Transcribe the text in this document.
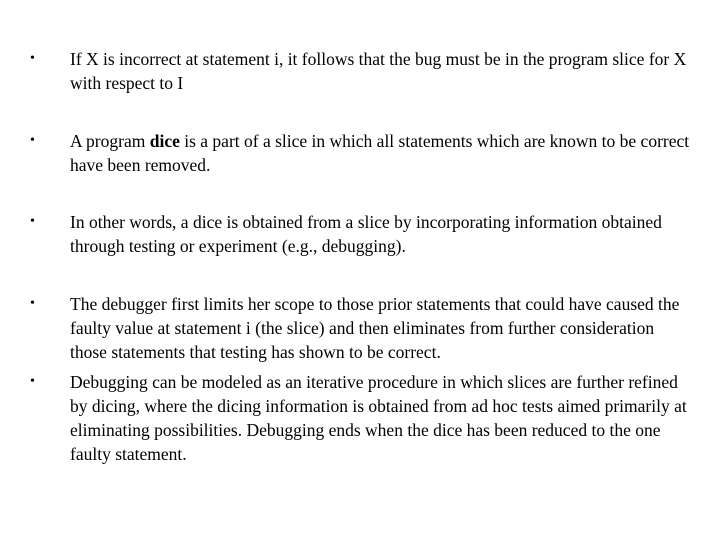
•	If X is incorrect at statement i, it follows that the bug must be in the program slice for X with respect to I
•	A program dice is a part of a slice in which all statements which are known to be correct have been removed.
•	In other words, a dice is obtained from a slice by incorporating information obtained through testing or experiment (e.g., debugging).
•	The debugger first limits her scope to those prior statements that could have caused the faulty value at statement i (the slice) and then eliminates from further consideration those statements that testing has shown to be correct.
•	Debugging can be modeled as an iterative procedure in which slices are further refined by dicing, where the dicing information is obtained from ad hoc tests aimed primarily at eliminating possibilities. Debugging ends when the dice has been reduced to the one faulty statement.
